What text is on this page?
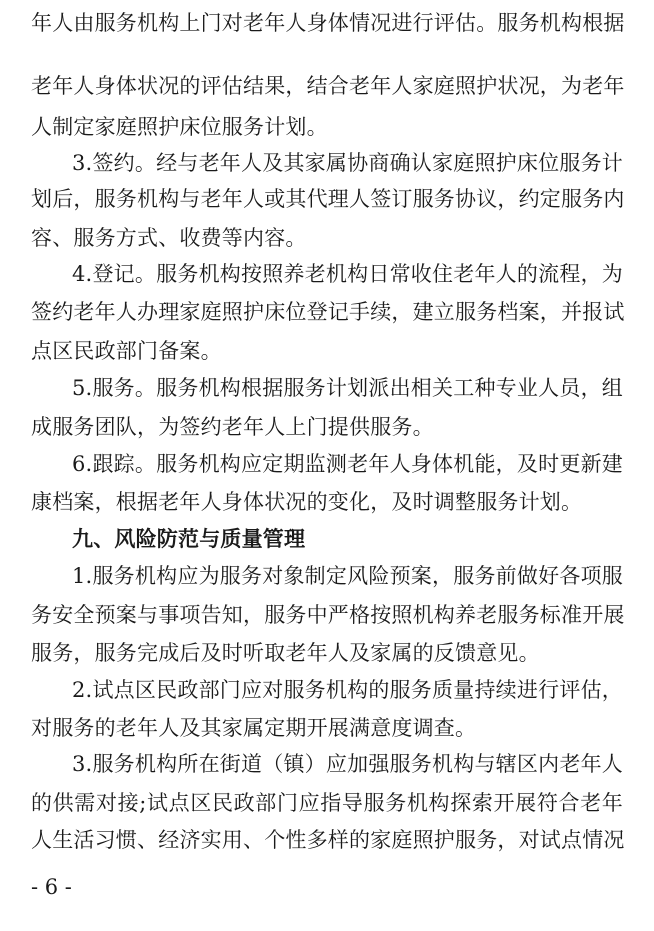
年人由服务机构上门对老年人身体情况进行评估。服务机构根据
老年人身体状况的评估结果，结合老年人家庭照护状况，为老年
人制定家庭照护床位服务计划。
3.签约。经与老年人及其家属协商确认家庭照护床位服务计
划后，服务机构与老年人或其代理人签订服务协议，约定服务内
容、服务方式、收费等内容。
4.登记。服务机构按照养老机构日常收住老年人的流程，为
签约老年人办理家庭照护床位登记手续，建立服务档案，并报试
点区民政部门备案。
5.服务。服务机构根据服务计划派出相关工种专业人员，组
成服务团队，为签约老年人上门提供服务。
6.跟踪。服务机构应定期监测老年人身体机能，及时更新建
康档案，根据老年人身体状况的变化，及时调整服务计划。
九、风险防范与质量管理
1.服务机构应为服务对象制定风险预案，服务前做好各项服
务安全预案与事项告知，服务中严格按照机构养老服务标准开展
服务，服务完成后及时听取老年人及家属的反馈意见。
2.试点区民政部门应对服务机构的服务质量持续进行评估，
对服务的老年人及其家属定期开展满意度调查。
3.服务机构所在街道（镇）应加强服务机构与辖区内老年人
的供需对接;试点区民政部门应指导服务机构探索开展符合老年
人生活习惯、经济实用、个性多样的家庭照护服务，对试点情况
- 6 -
